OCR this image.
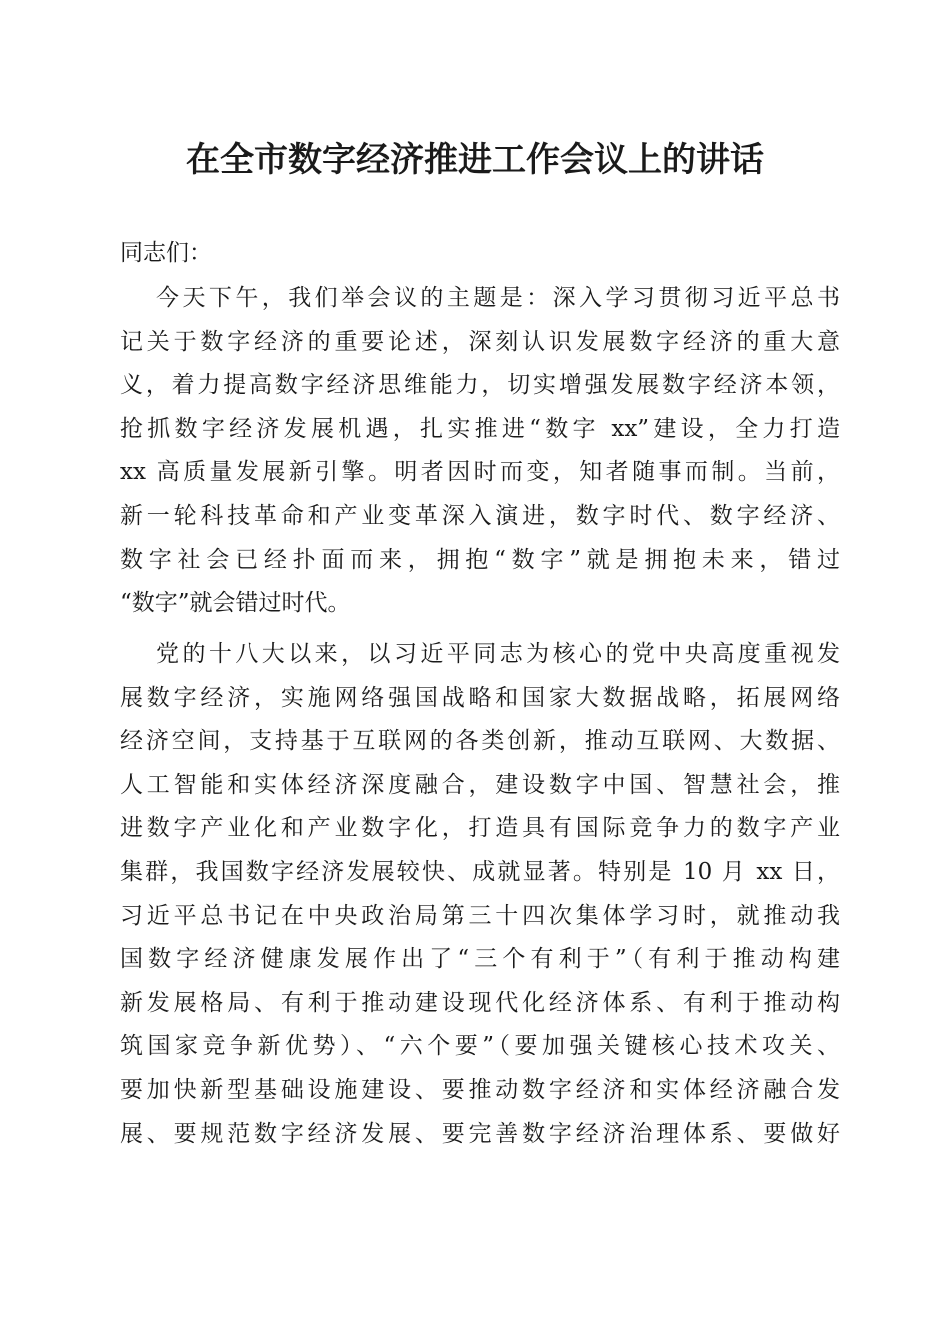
在全市数字经济推进工作会议上的讲话
同志们：
今天下午，我们举会议的主题是：深入学习贯彻习近平总书
记关于数字经济的重要论述，深刻认识发展数字经济的重大意
义，着力提高数字经济思维能力，切实增强发展数字经济本领，
抢抓数字经济发展机遇，扎实推进“数字 xx”建设，全力打造
xx 高质量发展新引擎。明者因时而变，知者随事而制。当前，
新一轮科技革命和产业变革深入演进，数字时代、数字经济、
数字社会已经扑面而来，拥抱“数字”就是拥抱未来，错过
“数字”就会错过时代。
党的十八大以来，以习近平同志为核心的党中央高度重视发
展数字经济，实施网络强国战略和国家大数据战略，拓展网络
经济空间，支持基于互联网的各类创新，推动互联网、大数据、
人工智能和实体经济深度融合，建设数字中国、智慧社会，推
进数字产业化和产业数字化，打造具有国际竞争力的数字产业
集群，我国数字经济发展较快、成就显著。特别是 10 月 xx 日，
习近平总书记在中央政治局第三十四次集体学习时，就推动我
国数字经济健康发展作出了“三个有利于”（有利于推动构建
新发展格局、有利于推动建设现代化经济体系、有利于推动构
筑国家竞争新优势）、“六个要”（要加强关键核心技术攻关、
要加快新型基础设施建设、要推动数字经济和实体经济融合发
展、要规范数字经济发展、要完善数字经济治理体系、要做好
